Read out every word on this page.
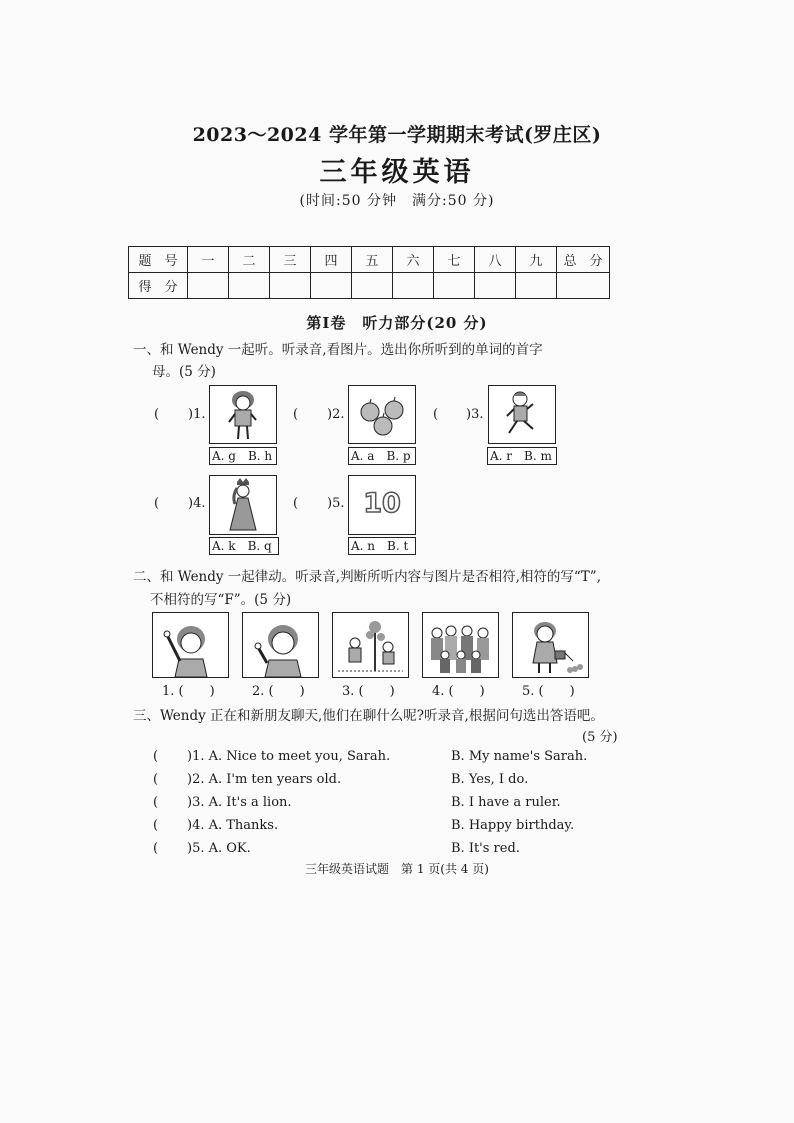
2023～2024 学年第一学期期末考试(罗庄区)
三年级英语
(时间:50 分钟　满分:50 分)
题　号	一	二	三	四	五	六	七	八	九	总　分
得　分										
第Ⅰ卷　听力部分(20 分)
一、和 Wendy 一起听。听录音,看图片。选出你所听到的单词的首字
母。(5 分)
( )1.
A. g　B. h
( )2.
A. a　B. p
( )3.
A. r　B. m
( )4.
A. k　B. q
( )5. 10
A. n　B. t
二、和 Wendy 一起律动。听录音,判断所听内容与图片是否相符,相符的写“T”,
不相符的写“F”。(5 分)
1. (　　)	2. (　　)	3. (　　)	4. (　　)	5. (　　)
三、Wendy 正在和新朋友聊天,他们在聊什么呢?听录音,根据问句选出答语吧。
(5 分)
( )1. A. Nice to meet you, Sarah.	B. My name's Sarah.
( )2. A. I'm ten years old.	B. Yes, I do.
( )3. A. It's a lion.	B. I have a ruler.
( )4. A. Thanks.	B. Happy birthday.
( )5. A. OK.	B. It's red.
三年级英语试题　第 1 页(共 4 页)
